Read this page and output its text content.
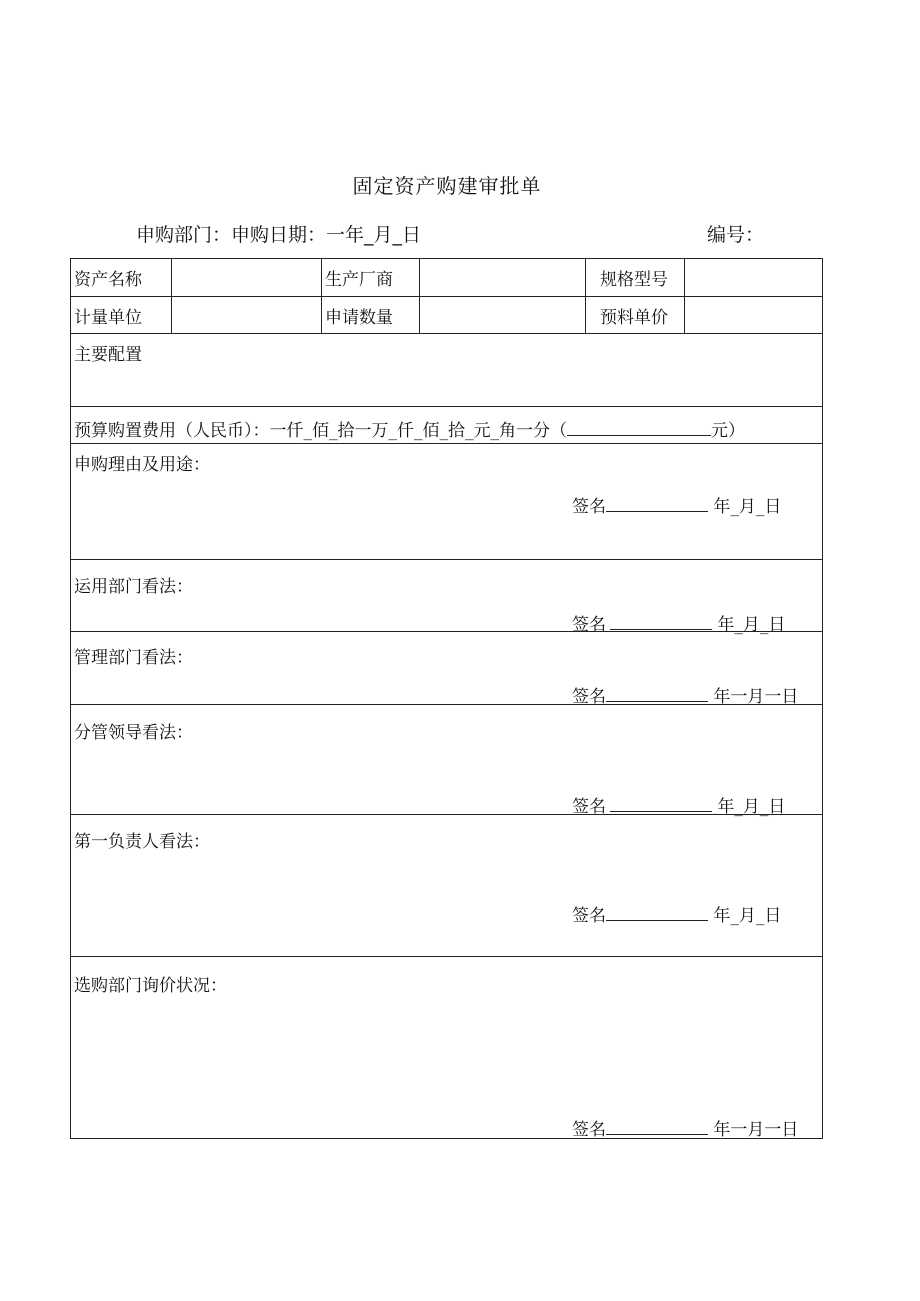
固定资产购建审批单
申购部门：申购日期：一年_月_日	编号：
资产名称	生产厂商	规格型号
计量单位	申请数量	预料单价
主要配置
预算购置费用（人民币）：一仟_佰_拾一万_仟_佰_拾_元_角一分（	元）
申购理由及用途：
签名	年_月_日
运用部门看法：
签名	年_月_日
管理部门看法：
签名	年一月一日
分管领导看法：
签名	年_月_日
第一负责人看法：
签名	年_月_日
选购部门询价状况：
签名	年一月一日
